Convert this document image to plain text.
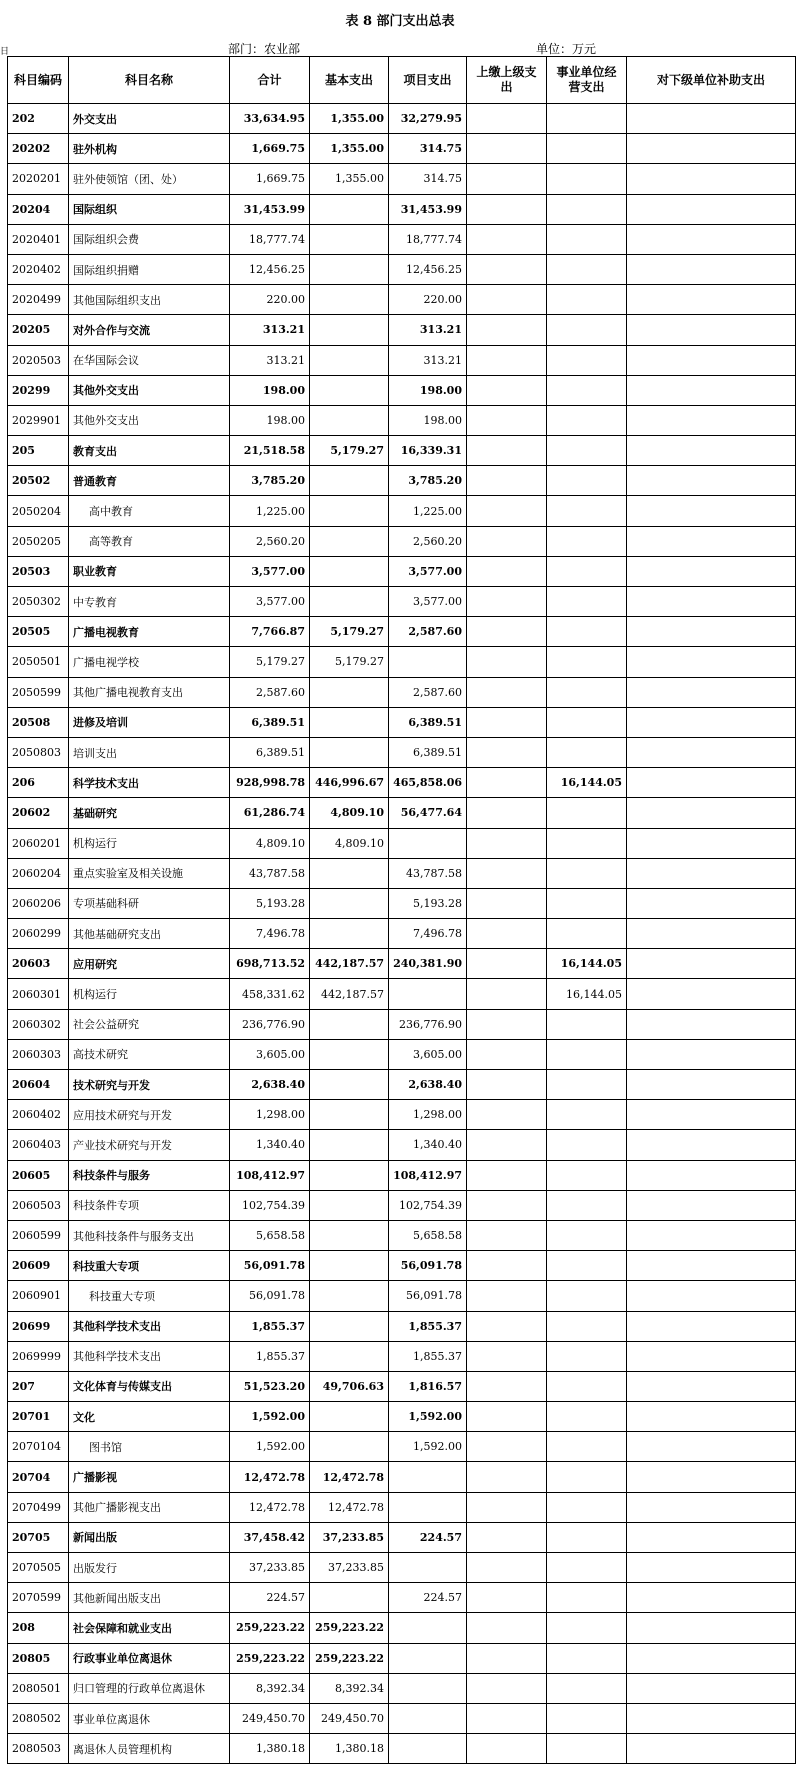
表 8 部门支出总表
日	部门：农业部	单位：万元
科目编码	科目名称	合计	基本支出	项目支出	上缴上级支出	事业单位经营支出	对下级单位补助支出
202	外交支出	33,634.95	1,355.00	32,279.95			
20202	驻外机构	1,669.75	1,355.00	314.75			
2020201	驻外使领馆（团、处）	1,669.75	1,355.00	314.75			
20204	国际组织	31,453.99		31,453.99			
2020401	国际组织会费	18,777.74		18,777.74			
2020402	国际组织捐赠	12,456.25		12,456.25			
2020499	其他国际组织支出	220.00		220.00			
20205	对外合作与交流	313.21		313.21			
2020503	在华国际会议	313.21		313.21			
20299	其他外交支出	198.00		198.00			
2029901	其他外交支出	198.00		198.00			
205	教育支出	21,518.58	5,179.27	16,339.31			
20502	普通教育	3,785.20		3,785.20			
2050204	高中教育	1,225.00		1,225.00			
2050205	高等教育	2,560.20		2,560.20			
20503	职业教育	3,577.00		3,577.00			
2050302	中专教育	3,577.00		3,577.00			
20505	广播电视教育	7,766.87	5,179.27	2,587.60			
2050501	广播电视学校	5,179.27	5,179.27				
2050599	其他广播电视教育支出	2,587.60		2,587.60			
20508	进修及培训	6,389.51		6,389.51			
2050803	培训支出	6,389.51		6,389.51			
206	科学技术支出	928,998.78	446,996.67	465,858.06		16,144.05	
20602	基础研究	61,286.74	4,809.10	56,477.64			
2060201	机构运行	4,809.10	4,809.10				
2060204	重点实验室及相关设施	43,787.58		43,787.58			
2060206	专项基础科研	5,193.28		5,193.28			
2060299	其他基础研究支出	7,496.78		7,496.78			
20603	应用研究	698,713.52	442,187.57	240,381.90		16,144.05	
2060301	机构运行	458,331.62	442,187.57			16,144.05	
2060302	社会公益研究	236,776.90		236,776.90			
2060303	高技术研究	3,605.00		3,605.00			
20604	技术研究与开发	2,638.40		2,638.40			
2060402	应用技术研究与开发	1,298.00		1,298.00			
2060403	产业技术研究与开发	1,340.40		1,340.40			
20605	科技条件与服务	108,412.97		108,412.97			
2060503	科技条件专项	102,754.39		102,754.39			
2060599	其他科技条件与服务支出	5,658.58		5,658.58			
20609	科技重大专项	56,091.78		56,091.78			
2060901	科技重大专项	56,091.78		56,091.78			
20699	其他科学技术支出	1,855.37		1,855.37			
2069999	其他科学技术支出	1,855.37		1,855.37			
207	文化体育与传媒支出	51,523.20	49,706.63	1,816.57			
20701	文化	1,592.00		1,592.00			
2070104	图书馆	1,592.00		1,592.00			
20704	广播影视	12,472.78	12,472.78				
2070499	其他广播影视支出	12,472.78	12,472.78				
20705	新闻出版	37,458.42	37,233.85	224.57			
2070505	出版发行	37,233.85	37,233.85				
2070599	其他新闻出版支出	224.57		224.57			
208	社会保障和就业支出	259,223.22	259,223.22				
20805	行政事业单位离退休	259,223.22	259,223.22				
2080501	归口管理的行政单位离退休	8,392.34	8,392.34				
2080502	事业单位离退休	249,450.70	249,450.70				
2080503	离退休人员管理机构	1,380.18	1,380.18				
